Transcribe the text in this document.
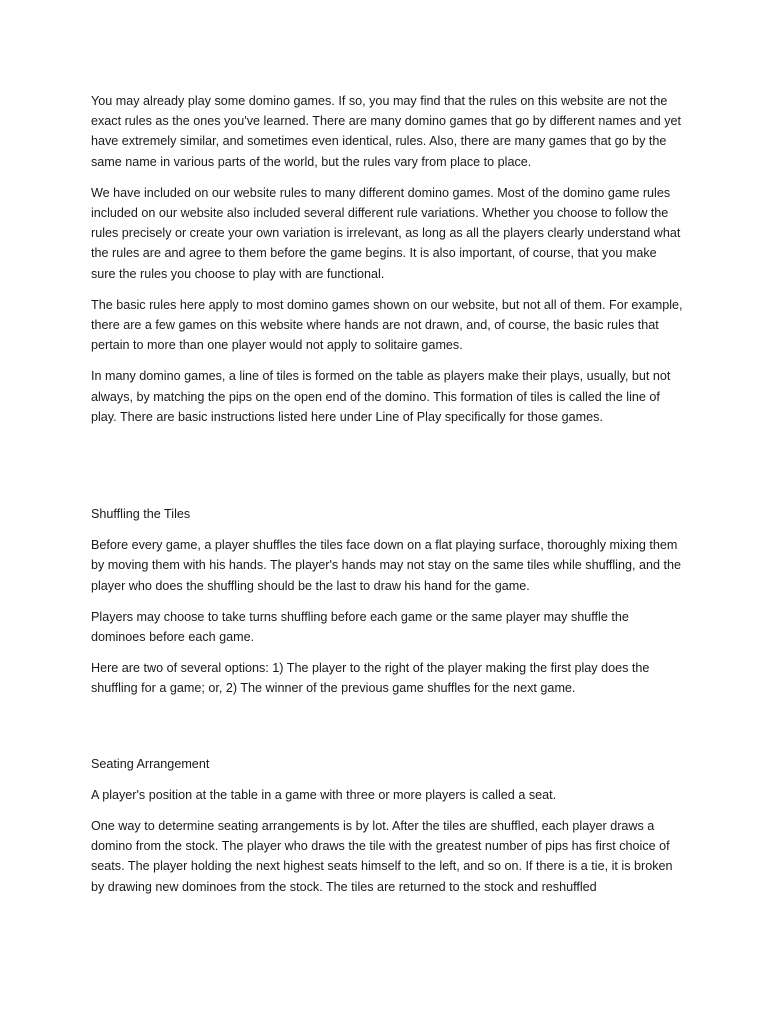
You may already play some domino games. If so, you may find that the rules on this website are not the exact rules as the ones you've learned. There are many domino games that go by different names and yet have extremely similar, and sometimes even identical, rules. Also, there are many games that go by the same name in various parts of the world, but the rules vary from place to place.

We have included on our website rules to many different domino games. Most of the domino game rules included on our website also included several different rule variations. Whether you choose to follow the rules precisely or create your own variation is irrelevant, as long as all the players clearly understand what the rules are and agree to them before the game begins. It is also important, of course, that you make sure the rules you choose to play with are functional.

The basic rules here apply to most domino games shown on our website, but not all of them. For example, there are a few games on this website where hands are not drawn, and, of course, the basic rules that pertain to more than one player would not apply to solitaire games.

In many domino games, a line of tiles is formed on the table as players make their plays, usually, but not always, by matching the pips on the open end of the domino. This formation of tiles is called the line of play. There are basic instructions listed here under Line of Play specifically for those games.

Shuffling the Tiles

Before every game, a player shuffles the tiles face down on a flat playing surface, thoroughly mixing them by moving them with his hands. The player's hands may not stay on the same tiles while shuffling, and the player who does the shuffling should be the last to draw his hand for the game.

Players may choose to take turns shuffling before each game or the same player may shuffle the dominoes before each game.

Here are two of several options: 1) The player to the right of the player making the first play does the shuffling for a game; or, 2) The winner of the previous game shuffles for the next game.

Seating Arrangement

A player's position at the table in a game with three or more players is called a seat.

One way to determine seating arrangements is by lot. After the tiles are shuffled, each player draws a domino from the stock. The player who draws the tile with the greatest number of pips has first choice of seats. The player holding the next highest seats himself to the left, and so on. If there is a tie, it is broken by drawing new dominoes from the stock. The tiles are returned to the stock and reshuffled
